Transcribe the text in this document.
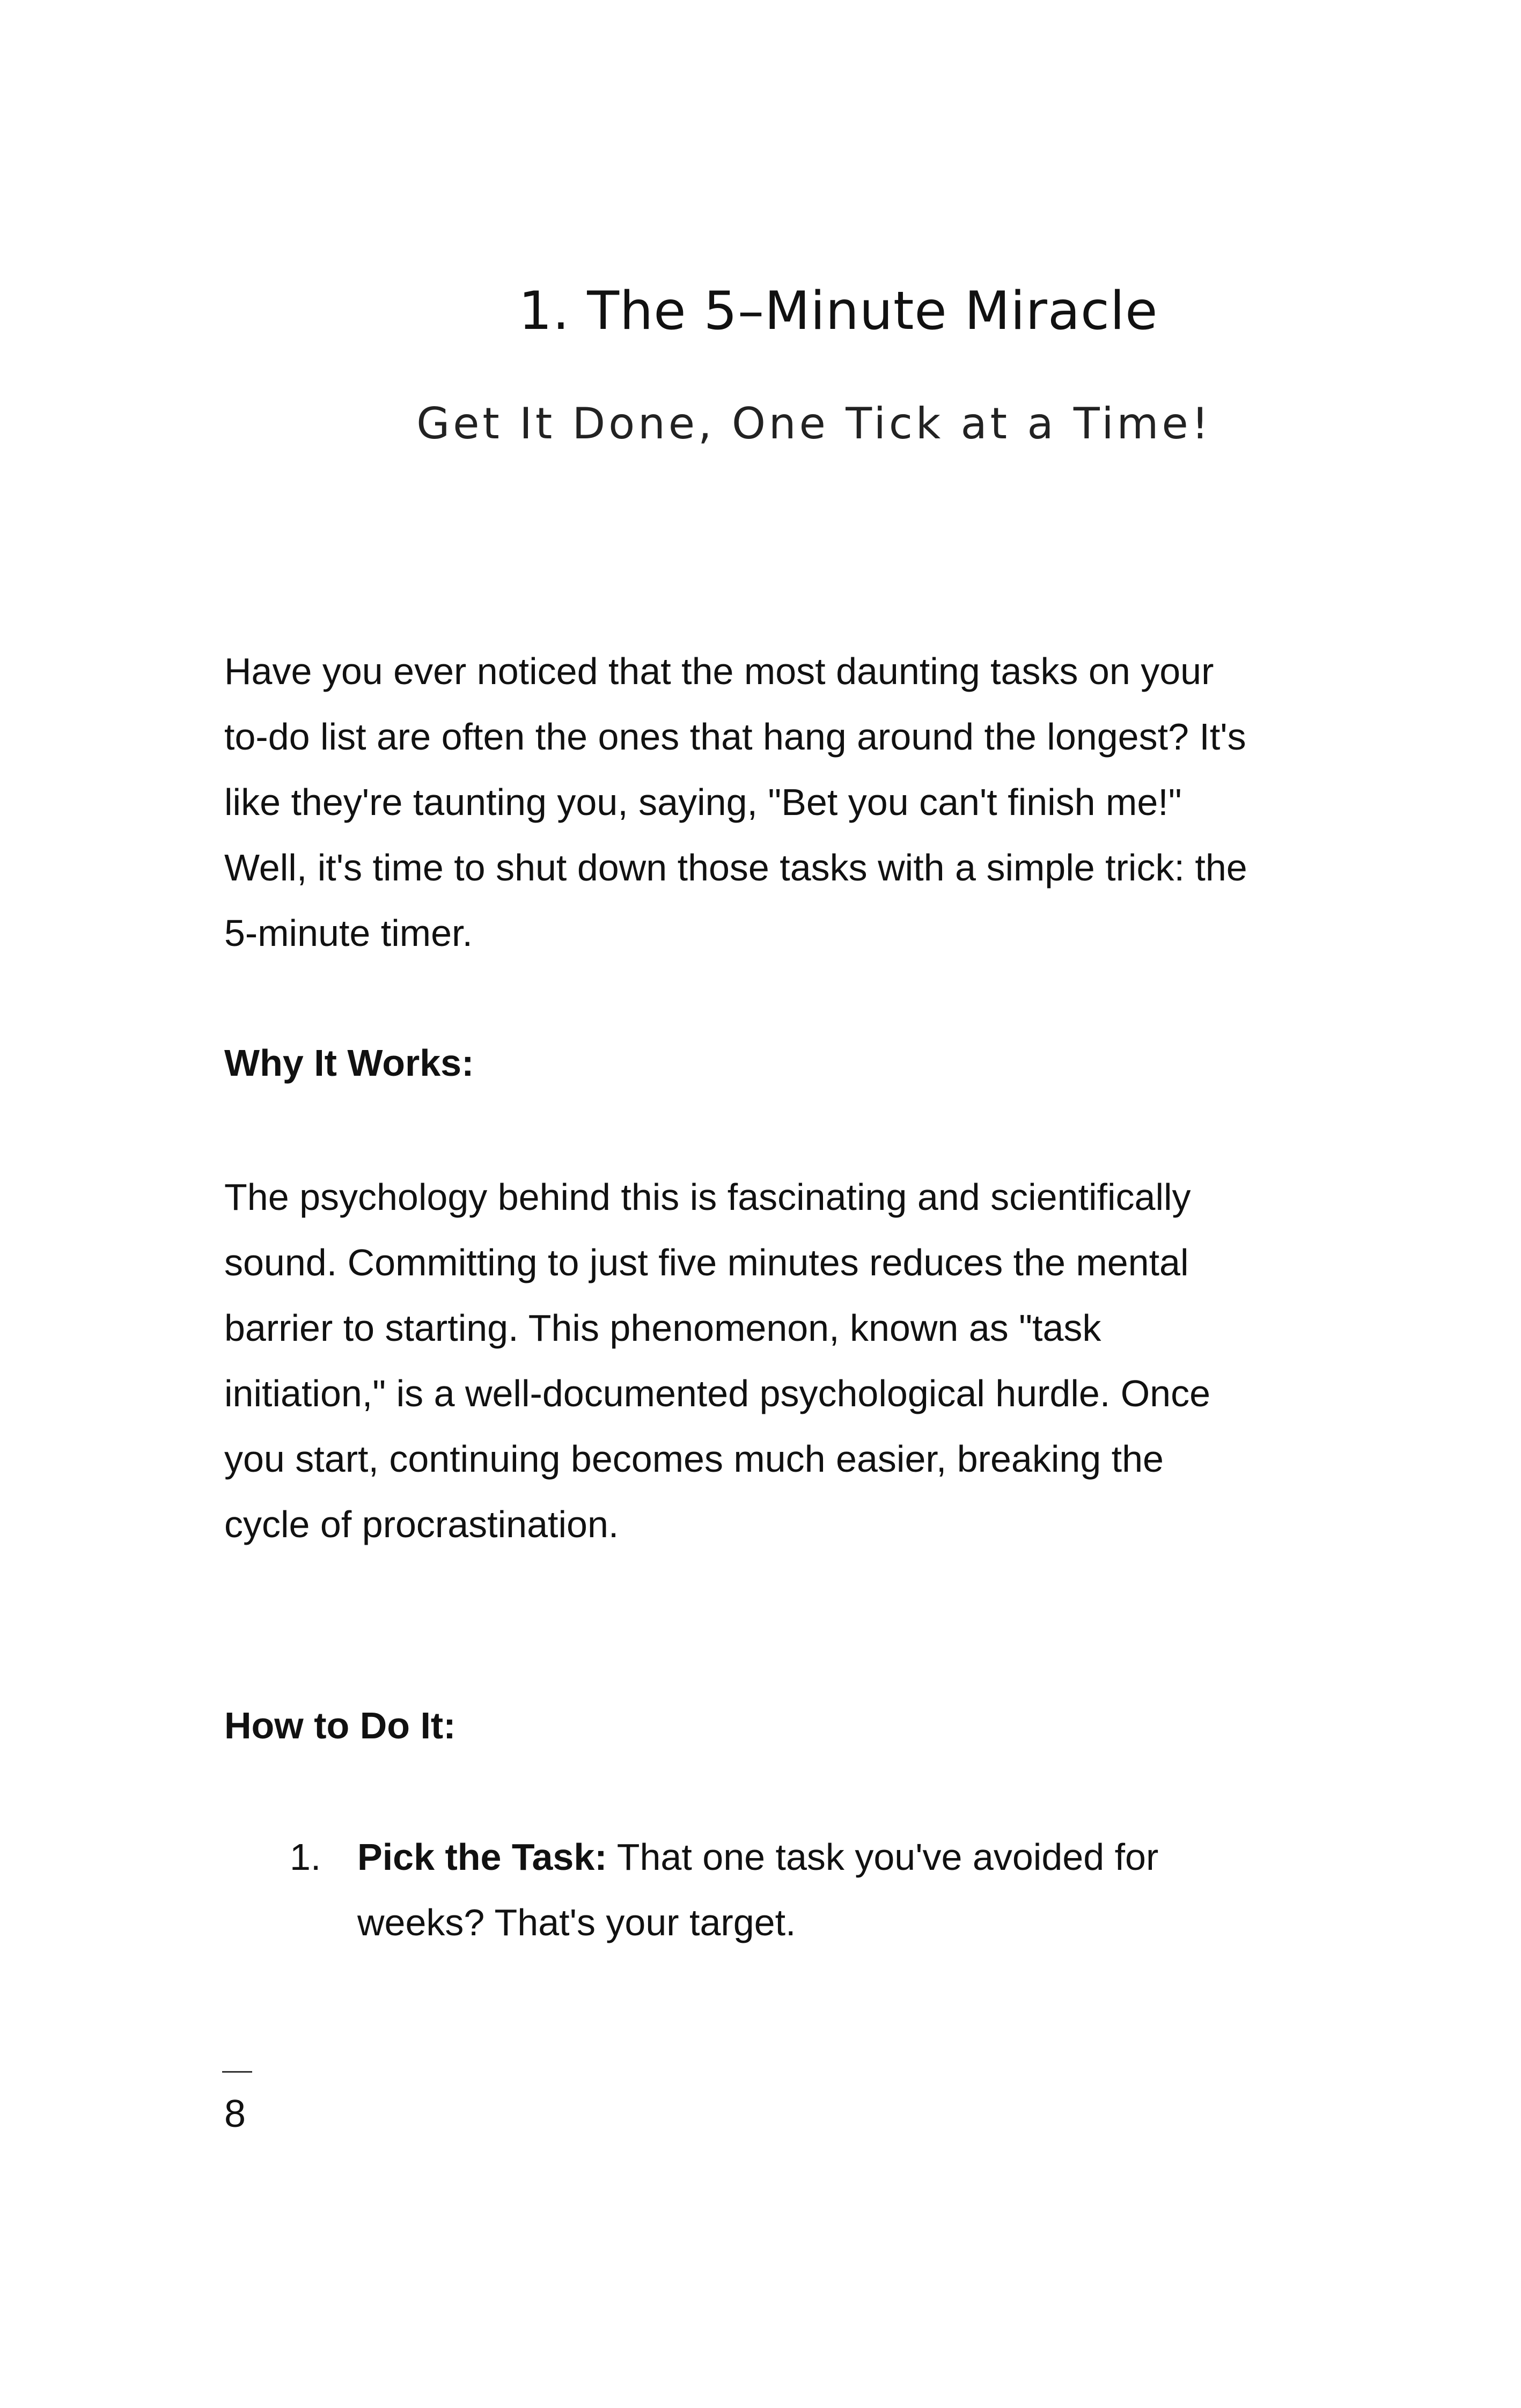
1. The 5–Minute Miracle
Get It Done, One Tick at a Time!

Have you ever noticed that the most daunting tasks on your to-do list are often the ones that hang around the longest? It's like they're taunting you, saying, "Bet you can't finish me!" Well, it's time to shut down those tasks with a simple trick: the 5-minute timer.

Why It Works:

The psychology behind this is fascinating and scientifically sound. Committing to just five minutes reduces the mental barrier to starting. This phenomenon, known as "task initiation," is a well-documented psychological hurdle. Once you start, continuing becomes much easier, breaking the cycle of procrastination.

How to Do It:

1. Pick the Task: That one task you've avoided for weeks? That's your target.
8
